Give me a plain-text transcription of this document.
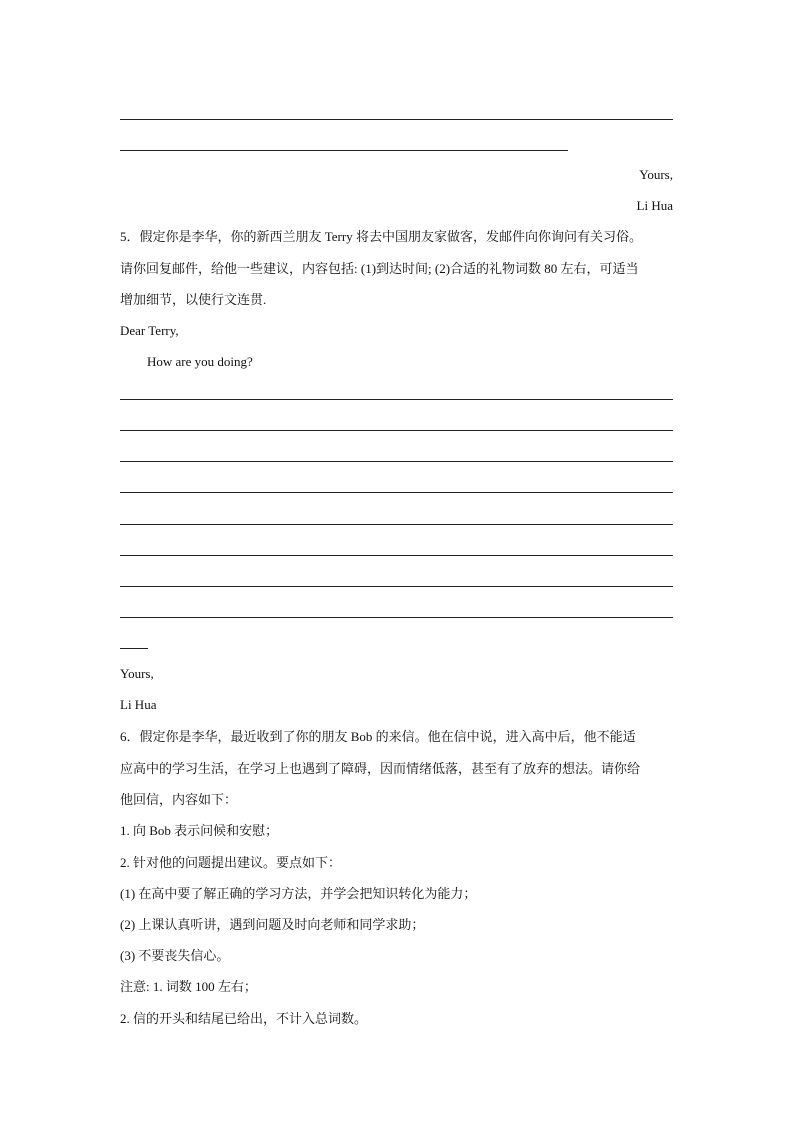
Yours,
Li Hua
5．假定你是李华，你的新西兰朋友 Terry 将去中国朋友家做客，发邮件向你询问有关习俗。
请你回复邮件，给他一些建议，内容包括: (1)到达时间; (2)合适的礼物词数 80 左右，可适当
增加细节，以使行文连贯.
Dear Terry,
How are you doing?
Yours,
Li Hua
6．假定你是李华，最近收到了你的朋友 Bob 的来信。他在信中说，进入高中后，他不能适
应高中的学习生活，在学习上也遇到了障碍，因而情绪低落，甚至有了放弃的想法。请你给
他回信，内容如下：
1. 向 Bob 表示问候和安慰；
2. 针对他的问题提出建议。要点如下：
(1) 在高中要了解正确的学习方法，并学会把知识转化为能力；
(2) 上课认真听讲，遇到问题及时向老师和同学求助；
(3) 不要丧失信心。
注意: 1. 词数 100 左右；
2. 信的开头和结尾已给出，不计入总词数。
